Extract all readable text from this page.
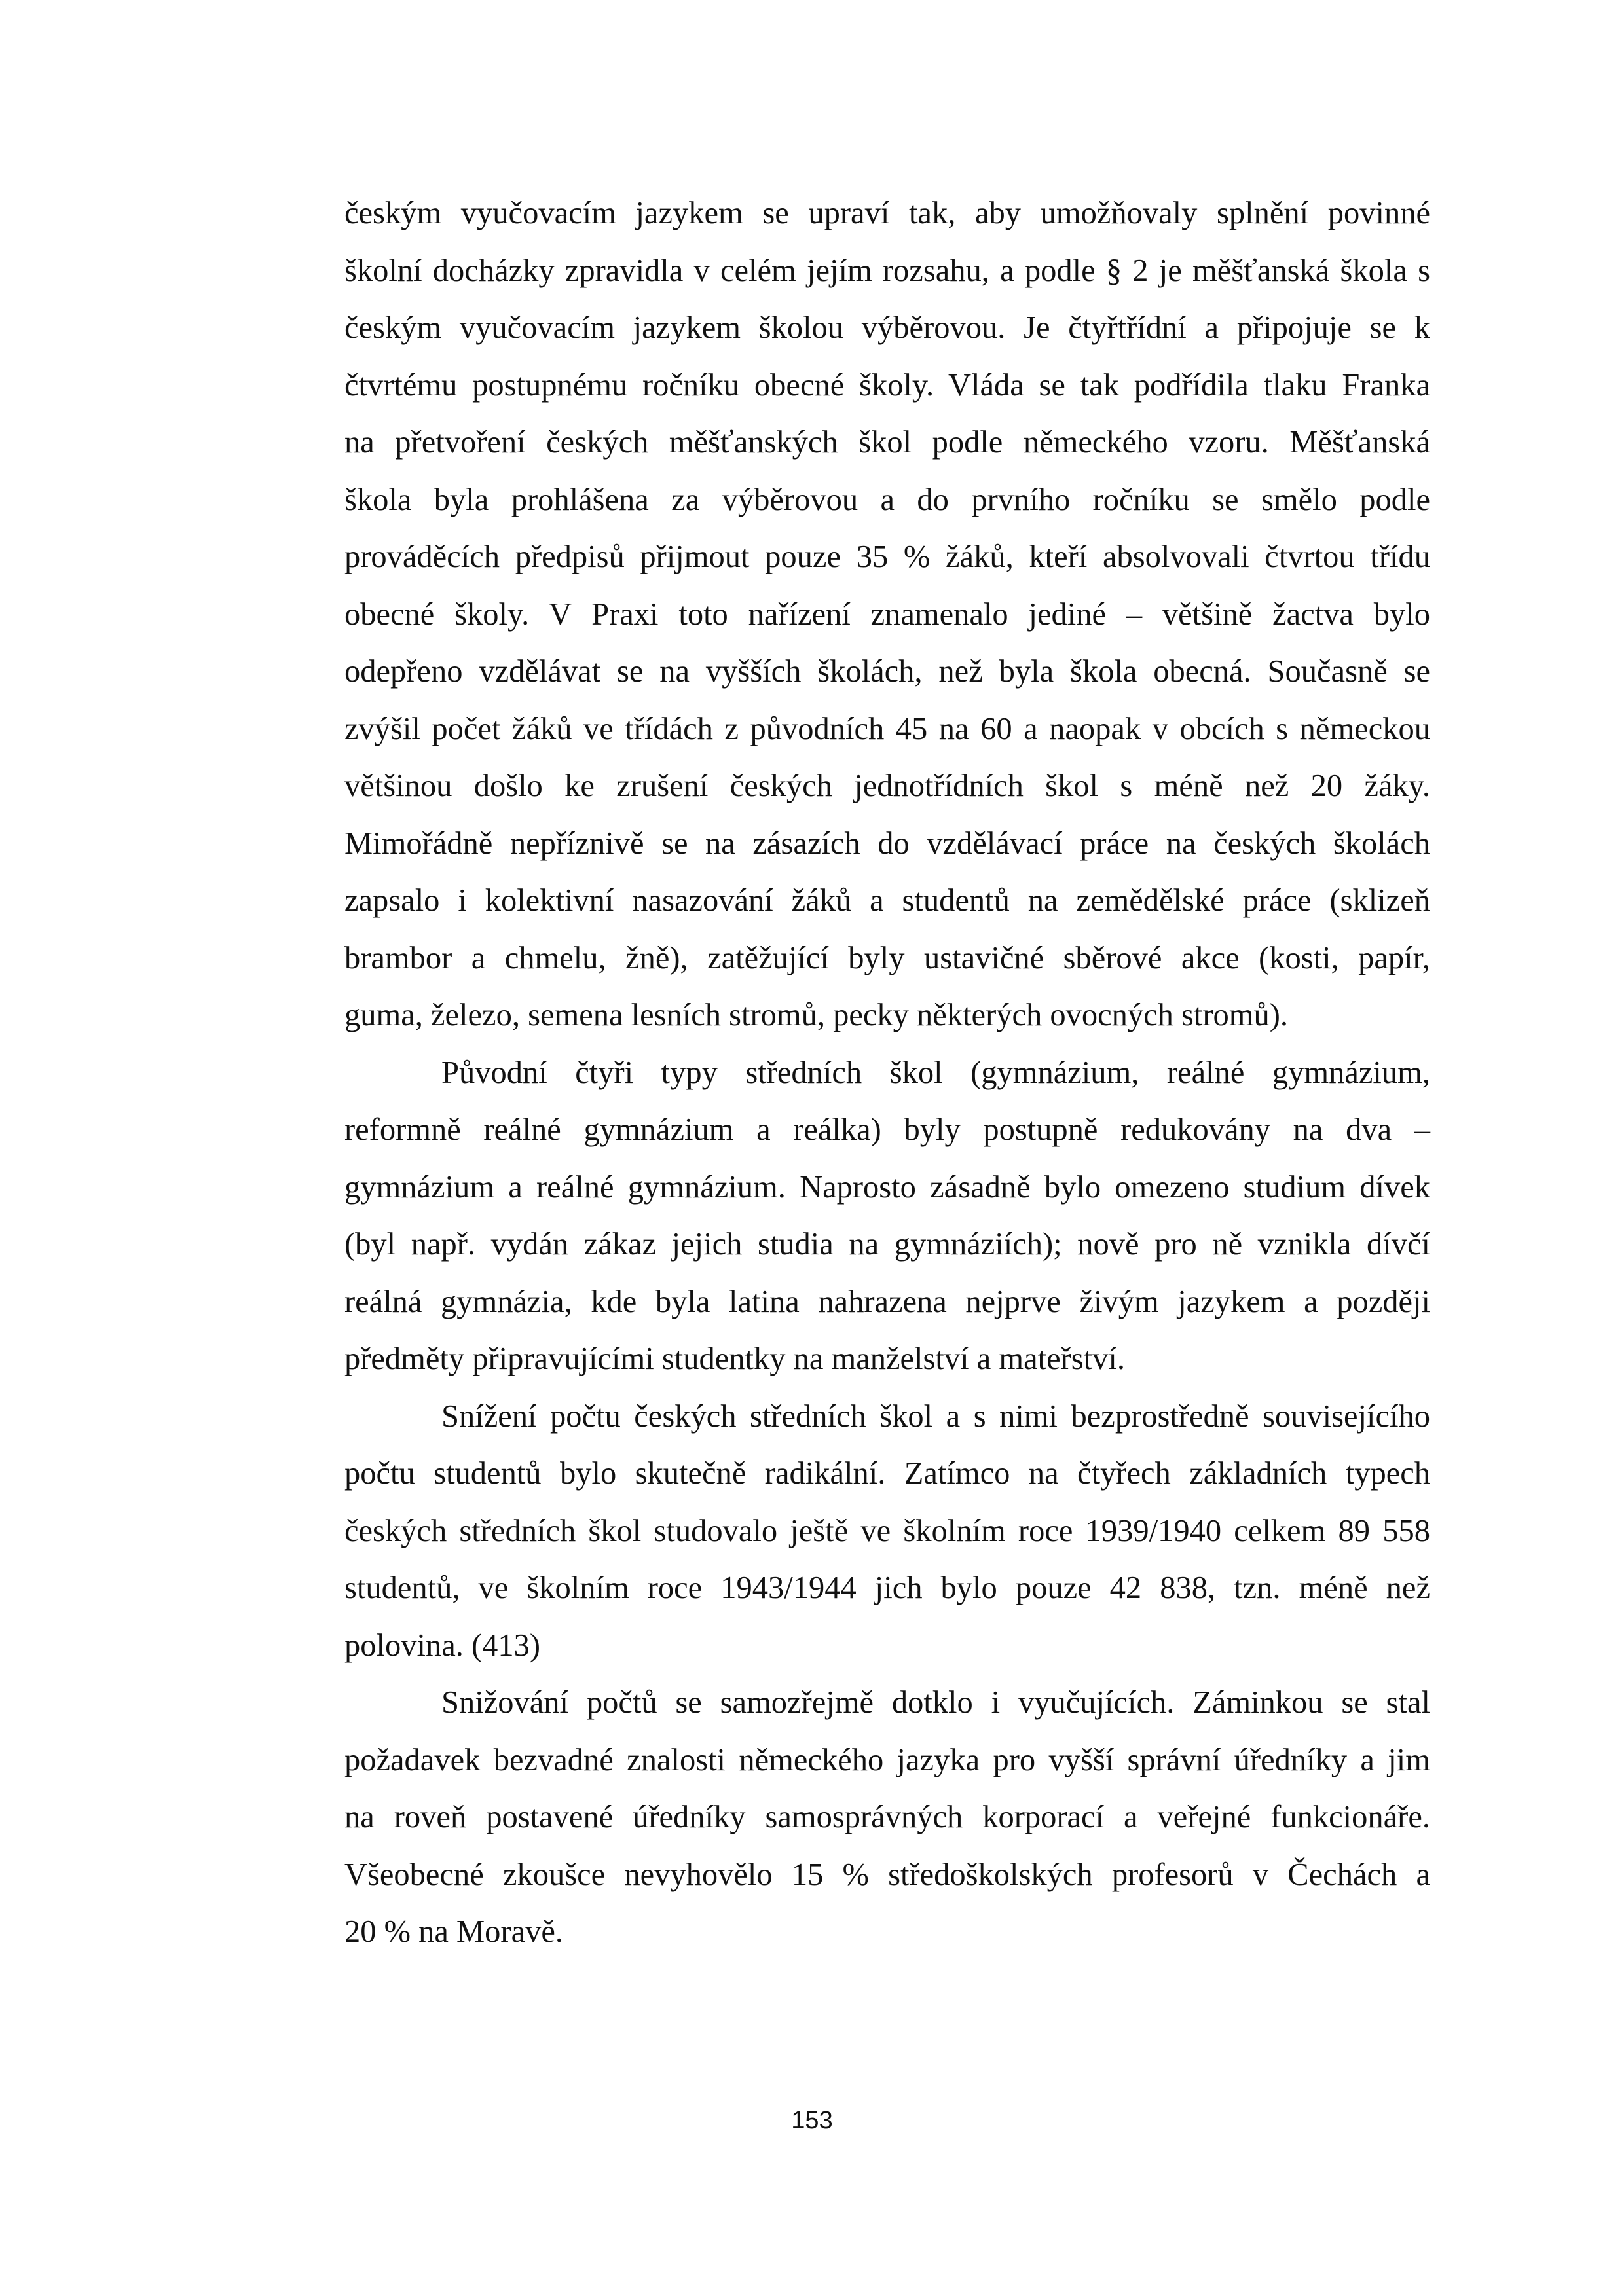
českým vyučovacím jazykem se upraví tak, aby umožňovaly splnění povinné
školní docházky zpravidla v celém jejím rozsahu, a podle § 2 je měšťanská škola s
českým vyučovacím jazykem školou výběrovou. Je čtyřtřídní a připojuje se k
čtvrtému postupnému ročníku obecné školy. Vláda se tak podřídila tlaku Franka
na přetvoření českých měšťanských škol podle německého vzoru. Měšťanská
škola byla prohlášena za výběrovou a do prvního ročníku se smělo podle
prováděcích předpisů přijmout pouze 35 % žáků, kteří absolvovali čtvrtou třídu
obecné školy. V Praxi toto nařízení znamenalo jediné – většině žactva bylo
odepřeno vzdělávat se na vyšších školách, než byla škola obecná. Současně se
zvýšil počet žáků ve třídách z původních 45 na 60 a naopak v obcích s německou
většinou došlo ke zrušení českých jednotřídních škol s méně než 20 žáky.
Mimořádně nepříznivě se na zásazích do vzdělávací práce na českých školách
zapsalo i kolektivní nasazování žáků a studentů na zemědělské práce (sklizeň
brambor a chmelu, žně), zatěžující byly ustavičné sběrové akce (kosti, papír,
guma, železo, semena lesních stromů, pecky některých ovocných stromů).
Původní čtyři typy středních škol (gymnázium, reálné gymnázium,
reformně reálné gymnázium a reálka) byly postupně redukovány na dva –
gymnázium a reálné gymnázium. Naprosto zásadně bylo omezeno studium dívek
(byl např. vydán zákaz jejich studia na gymnáziích); nově pro ně vznikla dívčí
reálná gymnázia, kde byla latina nahrazena nejprve živým jazykem a později
předměty připravujícími studentky na manželství a mateřství.
Snížení počtu českých středních škol a s nimi bezprostředně souvisejícího
počtu studentů bylo skutečně radikální. Zatímco na čtyřech základních typech
českých středních škol studovalo ještě ve školním roce 1939/1940 celkem 89 558
studentů, ve školním roce 1943/1944 jich bylo pouze 42 838, tzn. méně než
polovina. (413)
Snižování počtů se samozřejmě dotklo i vyučujících. Záminkou se stal
požadavek bezvadné znalosti německého jazyka pro vyšší správní úředníky a jim
na roveň postavené úředníky samosprávných korporací a veřejné funkcionáře.
Všeobecné zkoušce nevyhovělo 15 % středoškolských profesorů v Čechách a
20 % na Moravě.
153
